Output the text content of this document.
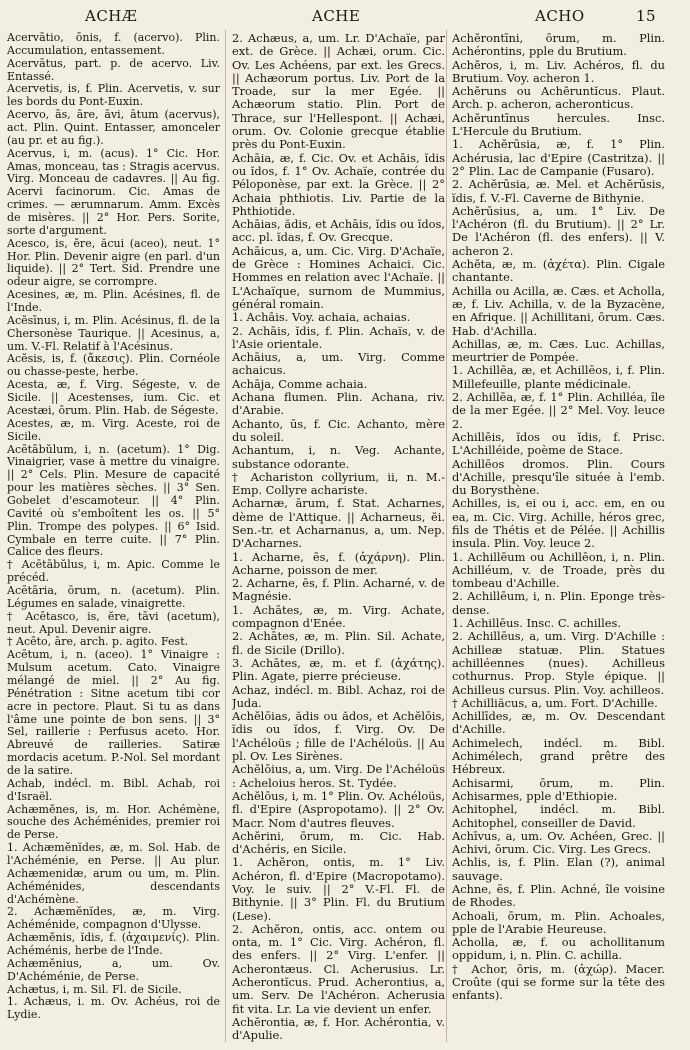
ACHÆ	ACHE	ACHO	15

Acervātio, ōnis, f. (acervo). Plin. Accumulation, entassement.

Acervātus, part. p. de acervo. Liv. Entassé.

Acervetis, is, f. Plin. Acervetis, v. sur les bords du Pont-Euxin.

Acervo, ās, āre, āvi, ātum (acervus), act. Plin. Quint. Entasser, amonceler (au pr. et au fig.).

Acervus, i, m. (acus). 1° Cic. Hor. Amas, monceau, tas : Stragis acervus. Virg. Monceau de cadavres. || Au fig. Acervi facinorum. Cic. Amas de crimes. — ærumnarum. Amm. Excès de misères. || 2° Hor. Pers. Sorite, sorte d'argument.

Acesco, is, ĕre, ăcui (aceo), neut. 1° Hor. Plin. Devenir aigre (en parl. d'un liquide). || 2° Tert. Sid. Prendre une odeur aigre, se corrompre.

Acesines, æ, m. Plin. Acésines, fl. de l'Inde.

Acĕsīnus, i, m. Plin. Acésinus, fl. de la Chersonèse Taurique. || Acesinus, a, um. V.-Fl. Relatif à l'Acésinus.

Acĕsis, is, f. (ἄκεσις). Plin. Cornéole ou chasse-peste, herbe.

Acesta, æ, f. Virg. Ségeste, v. de Sicile. || Acestenses, ium. Cic. et Acestæi, ōrum. Plin. Hab. de Ségeste.

Acestes, æ, m. Virg. Aceste, roi de Sicile.

Acētābŭlum, i, n. (acetum). 1° Dig. Vinaigrier, vase à mettre du vinaigre. || 2° Cels. Plin. Mesure de capacité pour les matières sèches. || 3° Sen. Gobelet d'escamoteur. || 4° Plin. Cavité où s'emboîtent les os. || 5° Plin. Trompe des polypes. || 6° Isid. Cymbale en terre cuite. || 7° Plin. Calice des fleurs.

† Acētābŭlus, i, m. Apic. Comme le précéd.

Acētāria, ōrum, n. (acetum). Plin. Légumes en salade, vinaigrette.

† Acētasco, is, ĕre, tāvi (acetum), neut. Apul. Devenir aigre.

† Acēto, āre, arch. p. agito. Fest.

Acētum, i, n. (aceo). 1° Vinaigre : Mulsum acetum. Cato. Vinaigre mélangé de miel. || 2° Au fig. Pénétration : Sitne acetum tibi cor acre in pectore. Plaut. Si tu as dans l'âme une pointe de bon sens. || 3° Sel, raillerie : Perfusus aceto. Hor. Abreuvé de railleries. Satiræ mordacis acetum. P.-Nol. Sel mordant de la satire.

Achab, indécl. m. Bibl. Achab, roi d'Israël.

Achæmĕnes, is, m. Hor. Achémène, souche des Achéménides, premier roi de Perse.

1. Achæmĕnĭdes, æ, m. Sol. Hab. de l'Achéménie, en Perse. || Au plur. Achæmenidæ, arum ou um, m. Plin. Achéménides, descendants d'Achémène.

2. Achæmĕnĭdes, æ, m. Virg. Achéménide, compagnon d'Ulysse.

Achæmĕnis, ĭdis, f. (ἀχαιμενίς). Plin. Achéménis, herbe de l'Inde.

Achæmĕnius, a, um. Ov. D'Achéménie, de Perse.

Achætus, i, m. Sil. Fl. de Sicile.

1. Achæus, i. m. Ov. Achéus, roi de Lydie.

2. Achæus, a, um. Lr. D'Achaïe, par ext. de Grèce. || Achæi, orum. Cic. Ov. Les Achéens, par ext. les Grecs. || Achæorum portus. Liv. Port de la Troade, sur la mer Egée. || Achæorum statio. Plin. Port de Thrace, sur l'Hellespont. || Achæi, orum. Ov. Colonie grecque établie près du Pont-Euxin.

Achāia, æ, f. Cic. Ov. et Achāis, ĭdis ou ĭdos, f. 1° Ov. Achaïe, contrée du Péloponèse, par ext. la Grèce. || 2° Achaia phthiotis. Liv. Partie de la Phthiotide.

Achāias, ădis, et Achāis, ĭdis ou ĭdos, acc. pl. ĭdas, f. Ov. Grecque.

Achāicus, a, um. Cic. Virg. D'Achaïe, de Grèce : Homines Achaici. Cic. Hommes en relation avec l'Achaïe. || L'Achaïque, surnom de Mummius, général romain.

1. Achāis. Voy. achaia, achaias.

2. Achāis, ĭdis, f. Plin. Achaïs, v. de l'Asie orientale.

Achāius, a, um. Virg. Comme achaicus.

Achāja, Comme achaia.

Achana flumen. Plin. Achana, riv. d'Arabie.

Achanto, ūs, f. Cic. Achanto, mère du soleil.

Achantum, i, n. Veg. Achante, substance odorante.

† Achariston collyrium, ii, n. M.-Emp. Collyre achariste.

Acharnæ, ārum, f. Stat. Acharnes, dème de l'Attique. || Acharneus, ĕi. Sen.-tr. et Acharnanus, a, um. Nep. D'Acharnes.

1. Acharne, ēs, f. (ἀχάρνη). Plin. Acharne, poisson de mer.

2. Acharne, ēs, f. Plin. Acharné, v. de Magnésie.

1. Achātes, æ, m. Virg. Achate, compagnon d'Enée.

2. Achātes, æ, m. Plin. Sil. Achate, fl. de Sicile (Drillo).

3. Achātes, æ, m. et f. (ἀχάτης). Plin. Agate, pierre précieuse.

Achaz, indécl. m. Bibl. Achaz, roi de Juda.

Achĕlōias, ădis ou ădos, et Achĕlōis, ĭdis ou ĭdos, f. Virg. Ov. De l'Achéloüs ; fille de l'Achéloüs. || Au pl. Ov. Les Sirènes.

Achĕlōius, a, um. Virg. De l'Achéloüs : Acheloius heros. St. Tydée.

Achĕlōus, i, m. 1° Plin. Ov. Achéloüs, fl. d'Epire (Aspropotamo). || 2° Ov. Macr. Nom d'autres fleuves.

Achĕrini, ōrum, m. Cic. Hab. d'Achéris, en Sicile.

1. Achĕron, ontis, m. 1° Liv. Achéron, fl. d'Epire (Macropotamo). Voy. le suiv. || 2° V.-Fl. Fl. de Bithynie. || 3° Plin. Fl. du Brutium (Lese).

2. Achĕron, ontis, acc. ontem ou onta, m. 1° Cic. Virg. Achéron, fl. des enfers. || 2° Virg. L'enfer. || Acherontæus. Cl. Acherusius. Lr. Acherontĭcus. Prud. Acherontius, a, um. Serv. De l'Achéron. Acherusia fit vita. Lr. La vie devient un enfer.

Achĕrontia, æ, f. Hor. Achérontia, v. d'Apulie.

Achĕrontīni, ōrum, m. Plin. Achérontins, pple du Brutium.

Achĕros, i, m. Liv. Achéros, fl. du Brutium. Voy. acheron 1.

Achĕruns ou Achĕruntĭcus. Plaut. Arch. p. acheron, acheronticus.

Achĕruntīnus hercules. Insc. L'Hercule du Brutium.

1. Achĕrūsia, æ, f. 1° Plin. Achérusia, lac d'Epire (Castritza). || 2° Plin. Lac de Campanie (Fusaro).

2. Achĕrūsia, æ. Mel. et Achĕrūsis, ĭdis, f. V.-Fl. Caverne de Bithynie.

Achĕrūsius, a, um. 1° Liv. De l'Achéron (fl. du Brutium). || 2° Lr. De l'Achéron (fl. des enfers). || V. acheron 2.

Achĕta, æ, m. (ἀχέτα). Plin. Cigale chantante.

Achilla ou Acilla, æ. Cæs. et Acholla, æ, f. Liv. Achilla, v. de la Byzacène, en Afrique. || Achillitani, ōrum. Cæs. Hab. d'Achilla.

Achillas, æ, m. Cæs. Luc. Achillas, meurtrier de Pompée.

1. Achillēa, æ, et Achillēos, i, f. Plin. Millefeuille, plante médicinale.

2. Achillēa, æ, f. 1° Plin. Achilléa, île de la mer Egée. || 2° Mel. Voy. leuce 2.

Achillēis, ĭdos ou ĭdis, f. Prisc. L'Achilléide, poème de Stace.

Achillēos dromos. Plin. Cours d'Achille, presqu'île située à l'emb. du Borysthène.

Achilles, is, ei ou i, acc. em, en ou ea, m. Cic. Virg. Achille, héros grec, fils de Thétis et de Pélée. || Achillis insula. Plin. Voy. leuce 2.

1. Achillēum ou Achillēon, i, n. Plin. Achilléum, v. de Troade, près du tombeau d'Achille.

2. Achillēum, i, n. Plin. Eponge très-dense.

1. Achillēus. Insc. C. achilles.

2. Achillēus, a, um. Virg. D'Achille : Achilleæ statuæ. Plin. Statues achilléennes (nues). Achilleus cothurnus. Prop. Style épique. || Achilleus cursus. Plin. Voy. achilleos.

† Achilliăcus, a, um. Fort. D'Achille.

Achillīdes, æ, m. Ov. Descendant d'Achille.

Achimelech, indécl. m. Bibl. Achimélech, grand prêtre des Hébreux.

Achisarmi, ōrum, m. Plin. Achisarmes, pple d'Ethiopie.

Achitophel, indécl. m. Bibl. Achitophel, conseiller de David.

Achīvus, a, um. Ov. Achéen, Grec. || Achivi, ōrum. Cic. Virg. Les Grecs.

Achlis, is, f. Plin. Elan (?), animal sauvage.

Achne, ēs, f. Plin. Achné, île voisine de Rhodes.

Achoali, ōrum, m. Plin. Achoales, pple de l'Arabie Heureuse.

Acholla, æ, f. ou achollitanum oppidum, i, n. Plin. C. achilla.

† Achor, ōris, m. (ἀχώρ). Macer. Croûte (qui se forme sur la tête des enfants).
